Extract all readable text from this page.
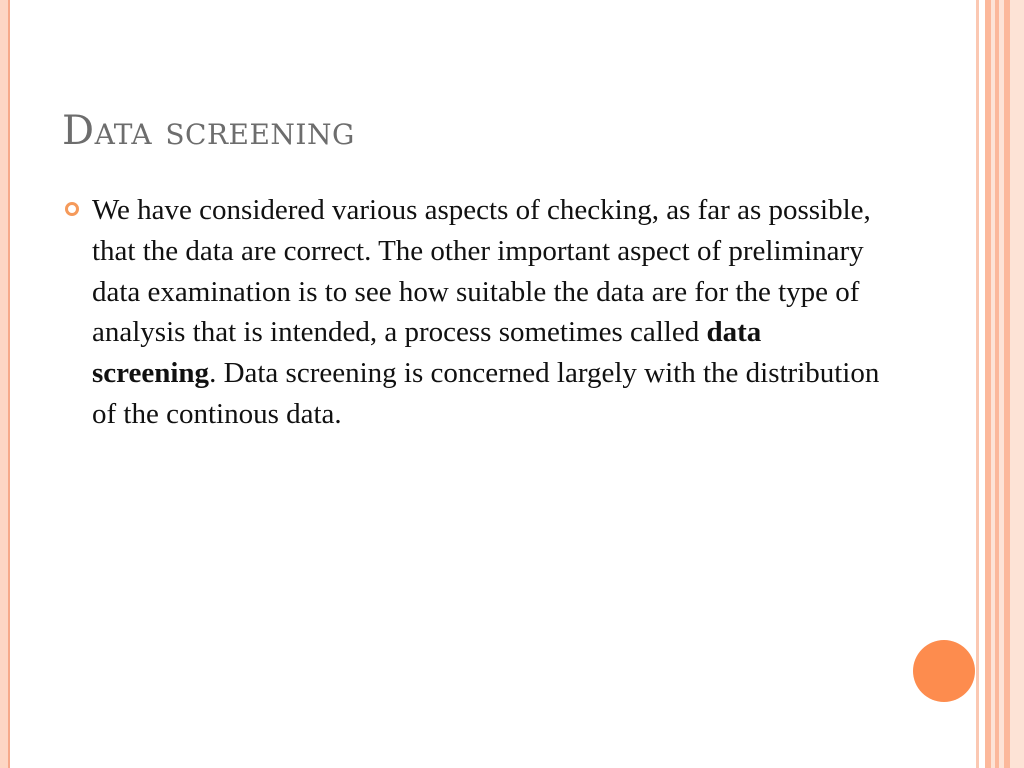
Data screening

We have considered various aspects of checking, as far as possible, that the data are correct. The other important aspect of preliminary data examination is to see how suitable the data are for the type of analysis that is intended, a process sometimes called data screening. Data screening is concerned largely with the distribution of the continous data.
